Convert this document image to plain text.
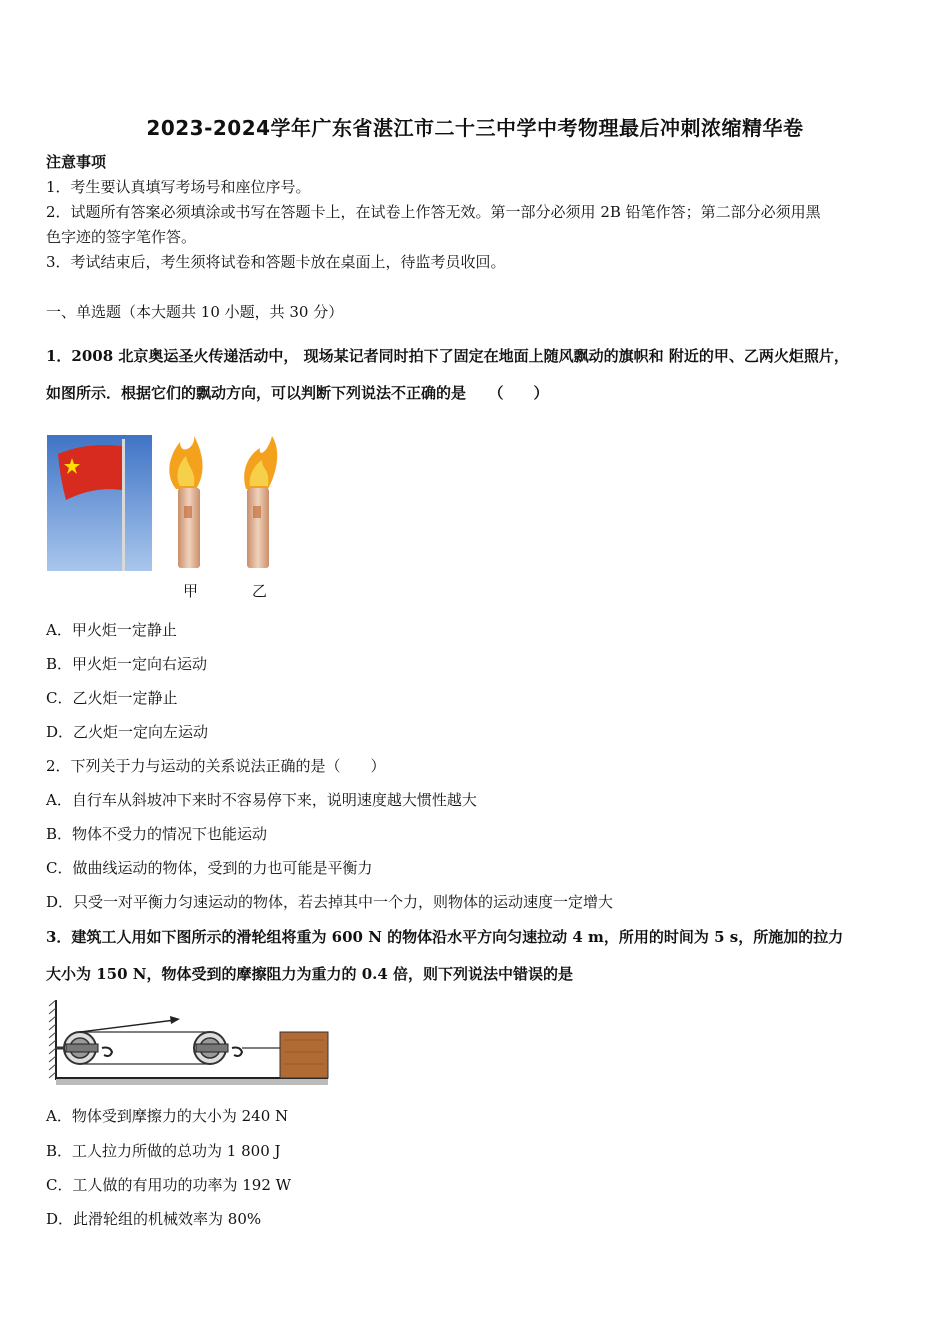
2023-2024学年广东省湛江市二十三中学中考物理最后冲刺浓缩精华卷
注意事项
1．考生要认真填写考场号和座位序号。
2．试题所有答案必须填涂或书写在答题卡上，在试卷上作答无效。第一部分必须用 2B 铅笔作答；第二部分必须用黑
色字迹的签字笔作答。
3．考试结束后，考生须将试卷和答题卡放在桌面上，待监考员收回。
一、单选题（本大题共 10 小题，共 30 分）
1．2008 北京奥运圣火传递活动中， 现场某记者同时拍下了固定在地面上随风飘动的旗帜和 附近的甲、乙两火炬照片，
如图所示．根据它们的飘动方向，可以判断下列说法不正确的是　　（　　）
甲	乙
A．甲火炬一定静止
B．甲火炬一定向右运动
C．乙火炬一定静止
D．乙火炬一定向左运动
2．下列关于力与运动的关系说法正确的是（　　）
A．自行车从斜坡冲下来时不容易停下来，说明速度越大惯性越大
B．物体不受力的情况下也能运动
C．做曲线运动的物体，受到的力也可能是平衡力
D．只受一对平衡力匀速运动的物体，若去掉其中一个力，则物体的运动速度一定增大
3．建筑工人用如下图所示的滑轮组将重为 600 N 的物体沿水平方向匀速拉动 4 m，所用的时间为 5 s，所施加的拉力
大小为 150 N，物体受到的摩擦阻力为重力的 0.4 倍，则下列说法中错误的是
A．物体受到摩擦力的大小为 240 N
B．工人拉力所做的总功为 1 800 J
C．工人做的有用功的功率为 192 W
D．此滑轮组的机械效率为 80%
